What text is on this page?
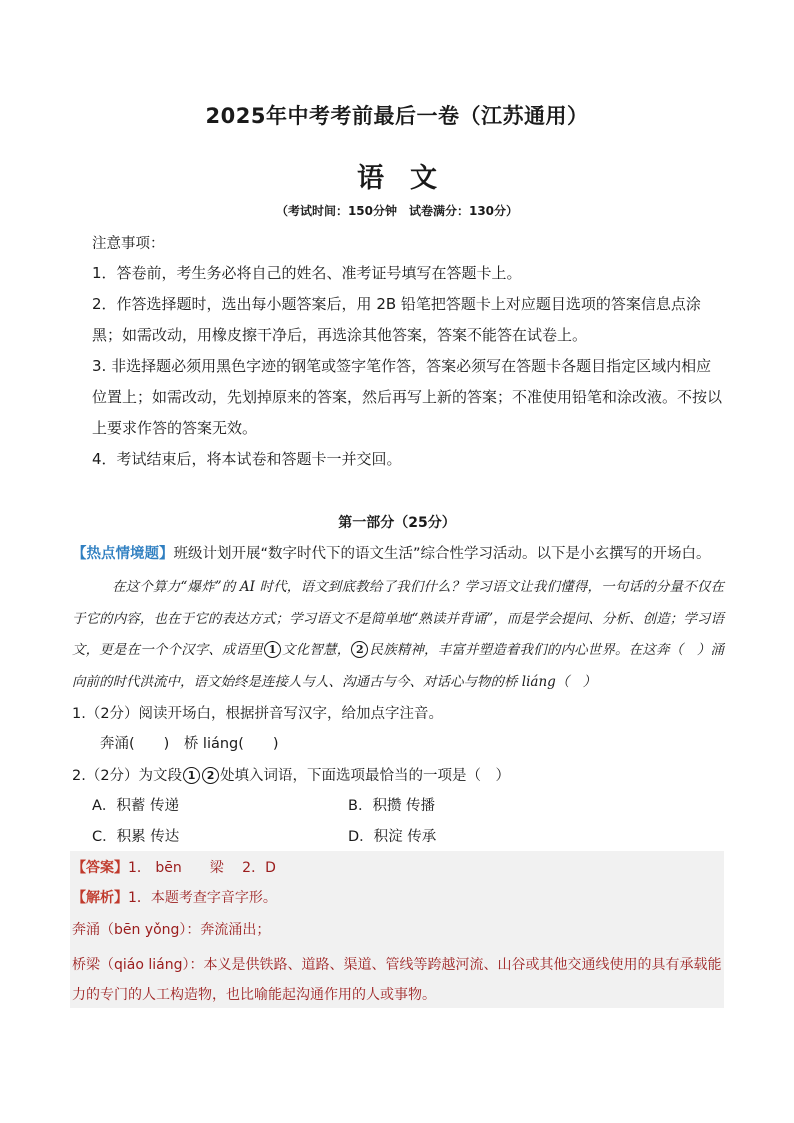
2025年中考考前最后一卷（江苏通用）
语文
（考试时间：150分钟　试卷满分：130分）
注意事项：
1．答卷前，考生务必将自己的姓名、准考证号填写在答题卡上。
2．作答选择题时，选出每小题答案后，用 2B 铅笔把答题卡上对应题目选项的答案信息点涂黑；如需改动，用橡皮擦干净后，再选涂其他答案，答案不能答在试卷上。
3. 非选择题必须用黑色字迹的钢笔或签字笔作答，答案必须写在答题卡各题目指定区域内相应位置上；如需改动，先划掉原来的答案，然后再写上新的答案；不准使用铅笔和涂改液。不按以上要求作答的答案无效。
4．考试结束后，将本试卷和答题卡一并交回。
第一部分（25分）
【热点情境题】班级计划开展“数字时代下的语文生活”综合性学习活动。以下是小玄撰写的开场白。
在这个算力“爆炸”的 AI 时代，语文到底教给了我们什么？学习语文让我们懂得，一句话的分量不仅在于它的内容，也在于它的表达方式；学习语文不是简单地“熟读并背诵”，而是学会提问、分析、创造；学习语文，更是在一个个汉字、成语里 1 文化智慧， 2 民族精神，丰富并塑造着我们的内心世界。在这奔（　）涌向前的时代洪流中，语文始终是连接人与人、沟通古与今、对话心与物的桥 liáng（　）
1.（2分）阅读开场白，根据拼音写汉字，给加点字注音。
奔涌(　　)　桥 liáng(　　)
2.（2分）为文段 1 2 处填入词语，下面选项最恰当的一项是（　）
A．积蓄 传递	B．积攒 传播
C．积累 传达	D．积淀 传承
【答案】1． bēn　　梁　 2．D
【解析】1．本题考查字音字形。
奔涌（bēn yǒng）：奔流涌出；
桥梁（qiáo liáng）：本义是供铁路、道路、渠道、管线等跨越河流、山谷或其他交通线使用的具有承载能力的专门的人工构造物，也比喻能起沟通作用的人或事物。
